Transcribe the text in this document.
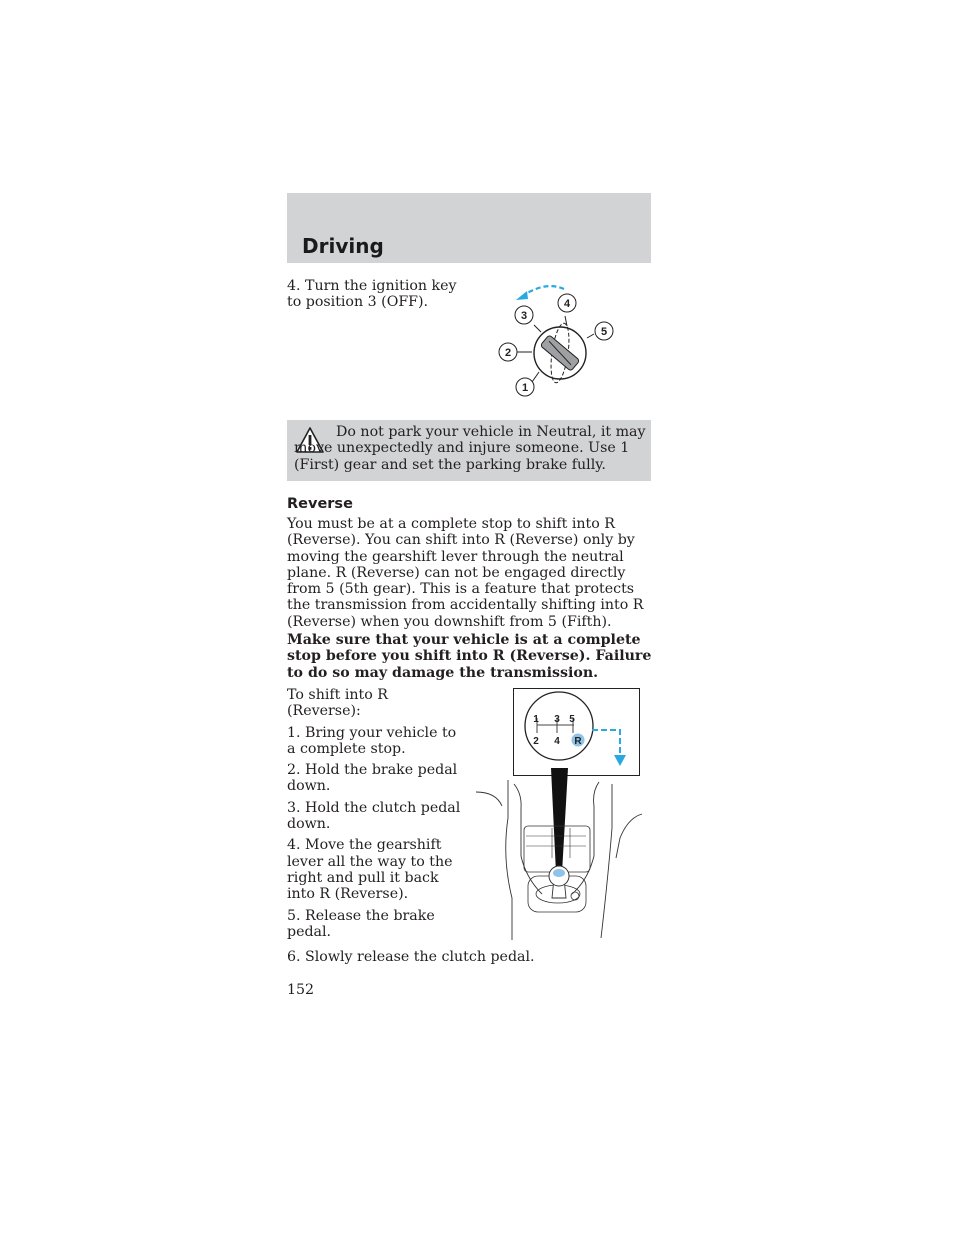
Driving
4. Turn the ignition key to position 3 (OFF).
1
2
3
4
5
Do not park your vehicle in Neutral, it may move unexpectedly and injure someone. Use 1 (First) gear and set the parking brake fully.
Reverse
You must be at a complete stop to shift into R (Reverse). You can shift into R (Reverse) only by moving the gearshift lever through the neutral plane. R (Reverse) can not be engaged directly from 5 (5th gear). This is a feature that protects the transmission from accidentally shifting into R (Reverse) when you downshift from 5 (Fifth).
Make sure that your vehicle is at a complete stop before you shift into R (Reverse). Failure to do so may damage the transmission.

To shift into R (Reverse):

1. Bring your vehicle to a complete stop.

2. Hold the brake pedal down.

3. Hold the clutch pedal down.

4. Move the gearshift lever all the way to the right and pull it back into R (Reverse).

5. Release the brake pedal.

6. Slowly release the clutch pedal.
1 3 5
2 4 R
152
